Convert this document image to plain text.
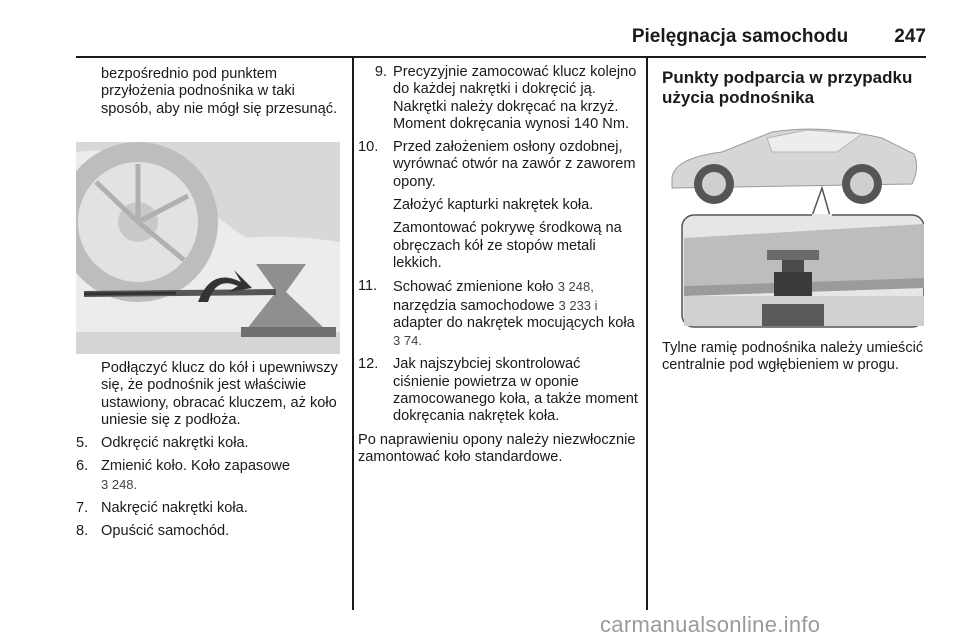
Pielęgnacja samochodu 247

bezpośrednio pod punktem przyłożenia podnośnika w taki sposób, aby nie mógł się przesunąć.

Podłączyć klucz do kół i upewniwszy się, że podnośnik jest właściwie ustawiony, obracać kluczem, aż koło uniesie się z podłoża.

5. Odkręcić nakrętki koła.
6. Zmienić koło. Koło zapasowe
3 248.
7. Nakręcić nakrętki koła.
8. Opuścić samochód.
9. Precyzyjnie zamocować klucz kolejno do każdej nakrętki i dokręcić ją. Nakrętki należy dokręcać na krzyż. Moment dokręcania wynosi 140 Nm.
10.	Przed założeniem osłony ozdobnej, wyrównać otwór na zawór z zaworem opony.
Założyć kapturki nakrętek koła.
Zamontować pokrywę środkową na obręczach kół ze stopów metali lekkich.
11.	Schować zmienione koło 3 248, narzędzia samochodowe 3 233 i adapter do nakrętek mocujących koła 3 74.
12.	Jak najszybciej skontrolować ciśnienie powietrza w oponie zamocowanego koła, a także moment dokręcania nakrętek koła.

Po naprawieniu opony należy niezwłocznie zamontować koło standardowe.

Punkty podparcia w przypadku użycia podnośnika

Tylne ramię podnośnika należy umieścić centralnie pod wgłębieniem w progu.

carmanualsonline.info
